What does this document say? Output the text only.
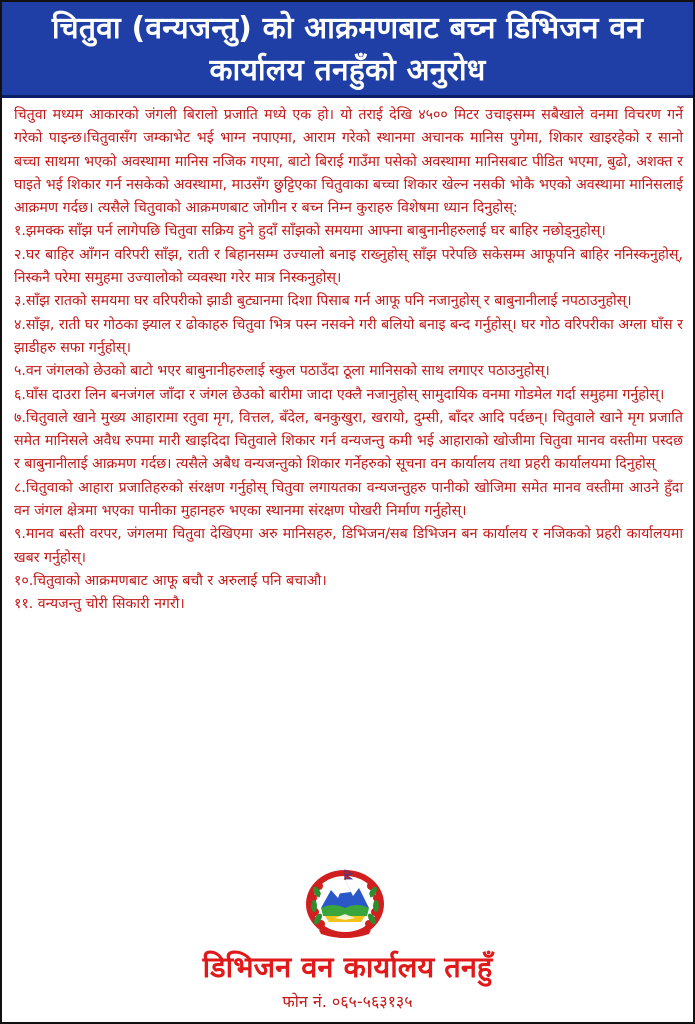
चितुवा (वन्यजन्तु) को आक्रमणबाट बच्न डिभिजन वन
कार्यालय तनहुँको अनुरोध

चितुवा मध्यम आकारको जंगली बिरालो प्रजाति मध्ये एक हो। यो तराई देखि ४५०० मिटर उचाइसम्म सबैखाले वनमा विचरण गर्ने गरेको पाइन्छ।चितुवासँग जम्काभेट भई भाग्न नपाएमा, आराम गरेको स्थानमा अचानक मानिस पुगेमा, शिकार खाइरहेको र सानो बच्चा साथमा भएको अवस्थामा मानिस नजिक गएमा, बाटो बिराई गाउँमा पसेको अवस्थामा मानिसबाट पीडित भएमा, बुढो, अशक्त र घाइते भई शिकार गर्न नसकेको अवस्थामा, माउसँग छुट्टिएका चितुवाका बच्चा शिकार खेल्न नसकी भोकै भएको अवस्थामा मानिसलाई आक्रमण गर्दछ। त्यसैले चितुवाको आक्रमणबाट जोगीन र बच्न निम्न कुराहरु विशेषमा ध्यान दिनुहोस्:

१.झमक्क साँझ पर्न लागेपछि चितुवा सक्रिय हुने हुदाँ साँझको समयमा आफ्ना बाबुनानीहरुलाई घर बाहिर नछोड्नुहोस्।

२.घर बाहिर आँगन वरिपरी साँझ, राती र बिहानसम्म उज्यालो बनाइ राख्नुहोस् साँझ परेपछि सकेसम्म आफूपनि बाहिर ननिस्कनुहोस्, निस्कनै परेमा समुहमा उज्यालोको व्यवस्था गरेर मात्र निस्कनुहोस्।

३.साँझ रातको समयमा घर वरिपरीको झाडी बुट्यानमा दिशा पिसाब गर्न आफू पनि नजानुहोस् र बाबुनानीलाई नपठाउनुहोस्।

४.साँझ, राती घर गोठका झ्याल र ढोकाहरु चितुवा भित्र पस्न नसक्ने गरी बलियो बनाइ बन्द गर्नुहोस्। घर गोठ वरिपरीका अग्ला घाँस र झाडीहरु सफा गर्नुहोस्।

५.वन जंगलको छेउको बाटो भएर बाबुनानीहरुलाई स्कुल पठाउँदा ठूला मानिसको साथ लगाएर पठाउनुहोस्।

६.घाँस दाउरा लिन बनजंगल जाँदा र जंगल छेउको बारीमा जादा एक्लै नजानुहोस् सामुदायिक वनमा गोडमेल गर्दा समुहमा गर्नुहोस्।

७.चितुवाले खाने मुख्य आहारामा रतुवा मृग, वित्तल, बँदेल, बनकुखुरा, खरायो, दुम्सी, बाँदर आदि पर्दछन्। चितुवाले खाने मृग प्रजाति समेत मानिसले अवैध रुपमा मारी खाइदिदा चितुवाले शिकार गर्न वन्यजन्तु कमी भई आहाराको खोजीमा चितुवा मानव वस्तीमा पस्दछ र बाबुनानीलाई आक्रमण गर्दछ। त्यसैले अबैध वन्यजन्तुको शिकार गर्नेहरुको सूचना वन कार्यालय तथा प्रहरी कार्यालयमा दिनुहोस्

८.चितुवाको आहारा प्रजातिहरुको संरक्षण गर्नुहोस् चितुवा लगायतका वन्यजन्तुहरु पानीको खोजिमा समेत मानव वस्तीमा आउने हुँदा वन जंगल क्षेत्रमा भएका पानीका मुहानहरु भएका स्थानमा संरक्षण पोखरी निर्माण गर्नुहोस्।

९.मानव बस्ती वरपर, जंगलमा चितुवा देखिएमा अरु मानिसहरु, डिभिजन/सब डिभिजन बन कार्यालय र नजिकको प्रहरी कार्यालयमा खबर गर्नुहोस्।

१०.चितुवाको आक्रमणबाट आफू बचौ र अरुलाई पनि बचाऔ।

११. वन्यजन्तु चोरी सिकारी नगरौ।

डिभिजन वन कार्यालय तनहुँ
फोन नं. ०६५-५६३१३५
